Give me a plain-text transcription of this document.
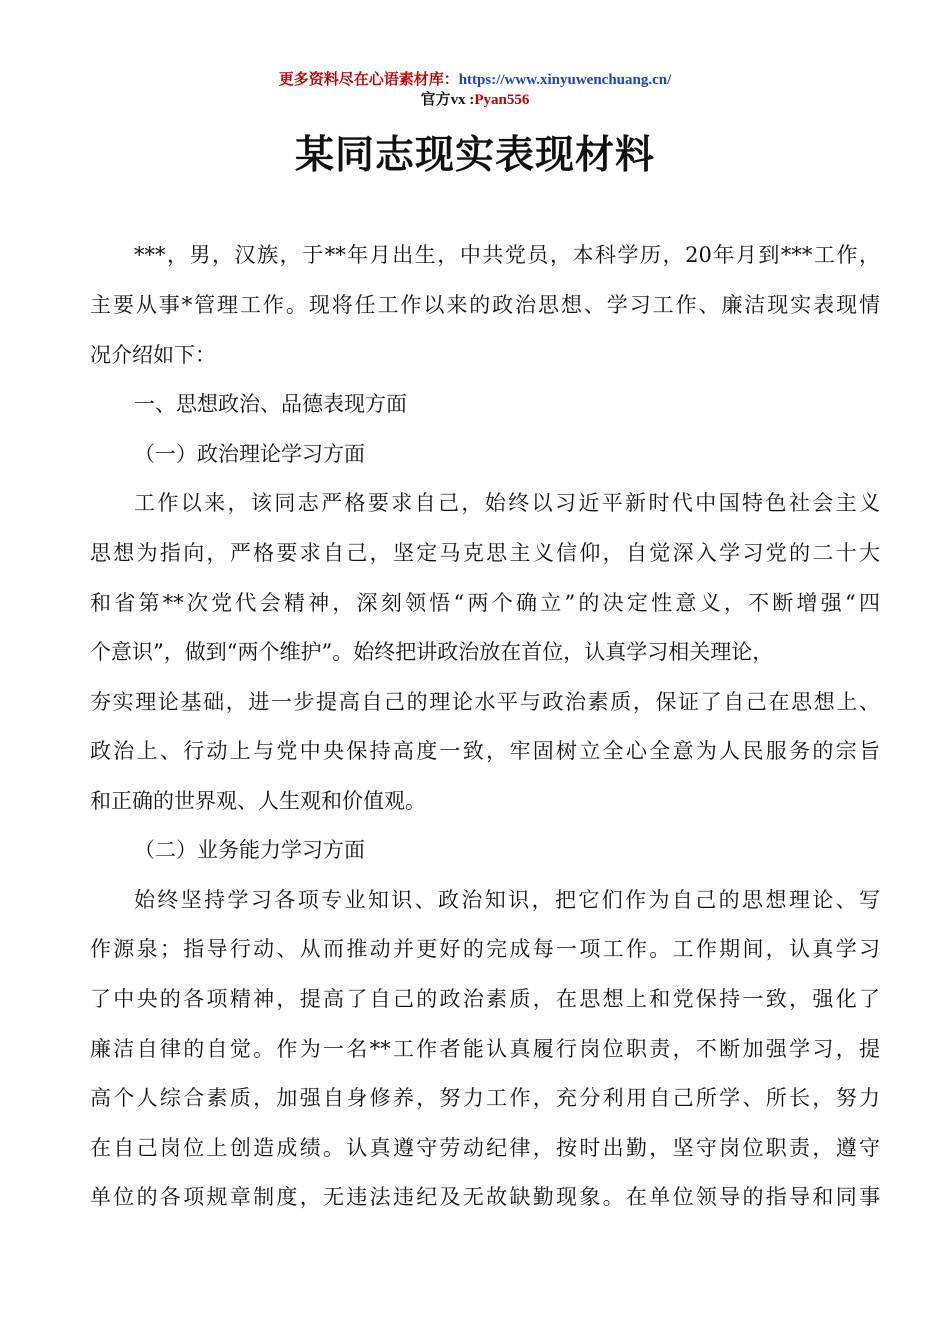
更多资料尽在心语素材库：https://www.xinyuwenchuang.cn/
官方vx :Pyan556
某同志现实表现材料
***，男，汉族，于**年月出生，中共党员，本科学历，20年月到***工作，
主要从事*管理工作。现将任工作以来的政治思想、学习工作、廉洁现实表现情
况介绍如下：
一、思想政治、品德表现方面
（一）政治理论学习方面
工作以来，该同志严格要求自己，始终以习近平新时代中国特色社会主义
思想为指向，严格要求自己，坚定马克思主义信仰，自觉深入学习党的二十大
和省第**次党代会精神，深刻领悟“两个确立”的决定性意义，不断增强“四
个意识”，做到“两个维护”。始终把讲政治放在首位，认真学习相关理论，
夯实理论基础，进一步提高自己的理论水平与政治素质，保证了自己在思想上、
政治上、行动上与党中央保持高度一致，牢固树立全心全意为人民服务的宗旨
和正确的世界观、人生观和价值观。
（二）业务能力学习方面
始终坚持学习各项专业知识、政治知识，把它们作为自己的思想理论、写
作源泉；指导行动、从而推动并更好的完成每一项工作。工作期间，认真学习
了中央的各项精神，提高了自己的政治素质，在思想上和党保持一致，强化了
廉洁自律的自觉。作为一名**工作者能认真履行岗位职责，不断加强学习，提
高个人综合素质，加强自身修养，努力工作，充分利用自己所学、所长，努力
在自己岗位上创造成绩。认真遵守劳动纪律，按时出勤，坚守岗位职责，遵守
单位的各项规章制度，无违法违纪及无故缺勤现象。在单位领导的指导和同事
